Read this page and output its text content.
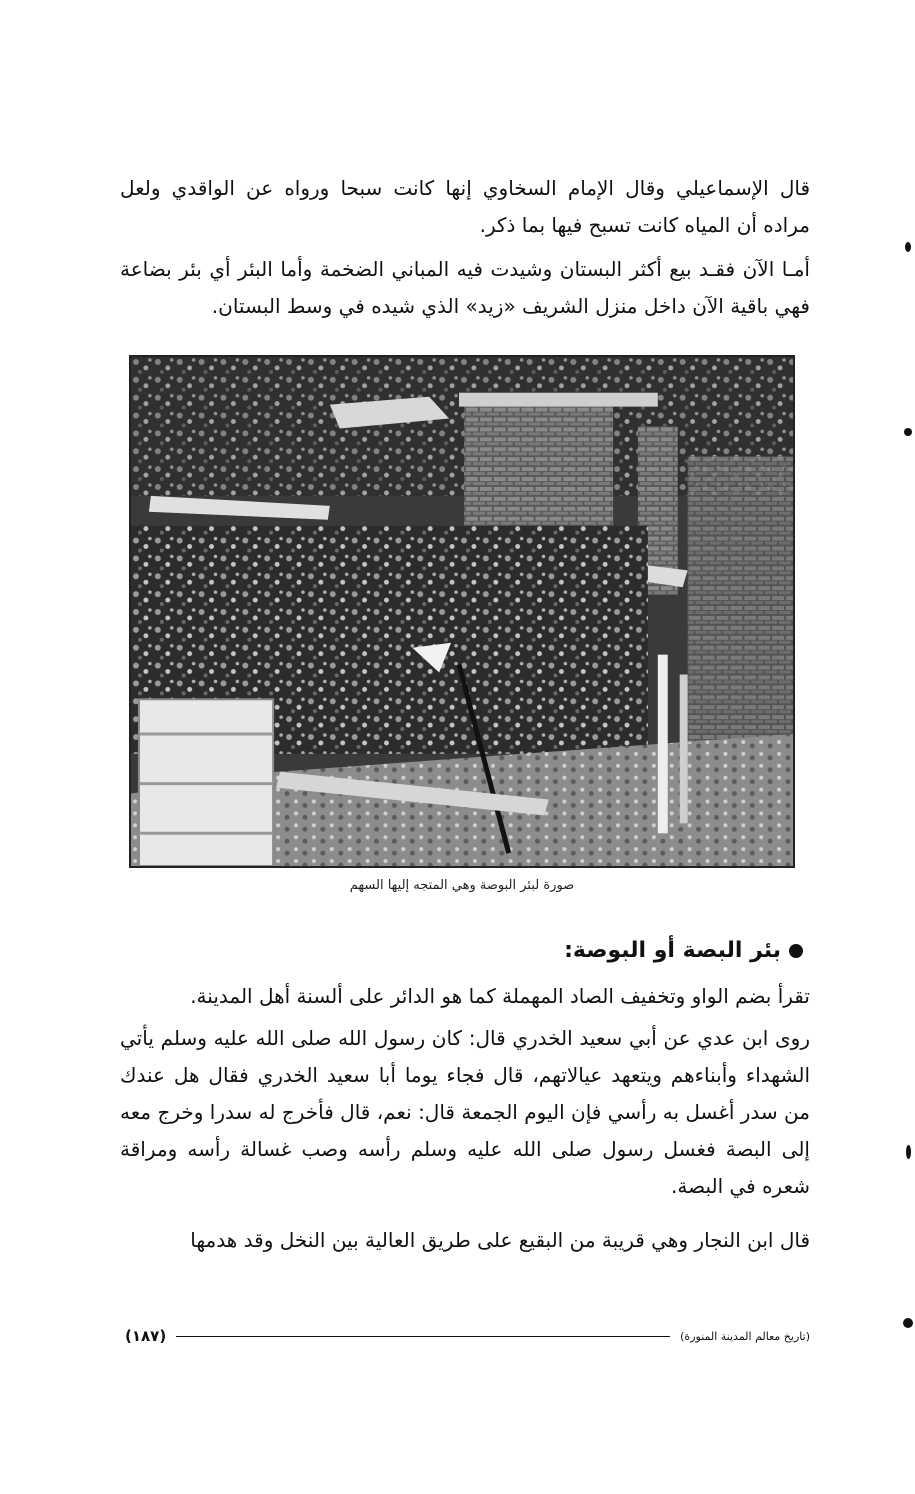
قال الإسماعيلي وقال الإمام السخاوي إنها كانت سبحا ورواه عن الواقدي ولعل مراده أن المياه كانت تسبح فيها بما ذكر.

أمـا الآن فقـد بيع أكثر البستان وشيدت فيه المباني الضخمة وأما البئر أي بئر بضاعة فهي باقية الآن داخل منزل الشريف «زيد» الذي شيده في وسط البستان.

صورة لبئر البوصة وهي المتجه إليها السهم

بئر البصة أو البوصة:

تقرأ بضم الواو وتخفيف الصاد المهملة كما هو الدائر على ألسنة أهل المدينة.

روى ابن عدي عن أبي سعيد الخدري قال: كان رسول الله صلى الله عليه وسلم يأتي الشهداء وأبناءهم ويتعهد عيالاتهم، قال فجاء يوما أبا سعيد الخدري فقال هل عندك من سدر أغسل به رأسي فإن اليوم الجمعة قال: نعم، قال فأخرج له سدرا وخرج معه إلى البصة فغسل رسول صلى الله عليه وسلم رأسه وصب غسالة رأسه ومراقة شعره في البصة.

قال ابن النجار وهي قريبة من البقيع على طريق العالية بين النخل وقد هدمها

(تاريخ معالم المدينة المنورة)
(١٨٧)
